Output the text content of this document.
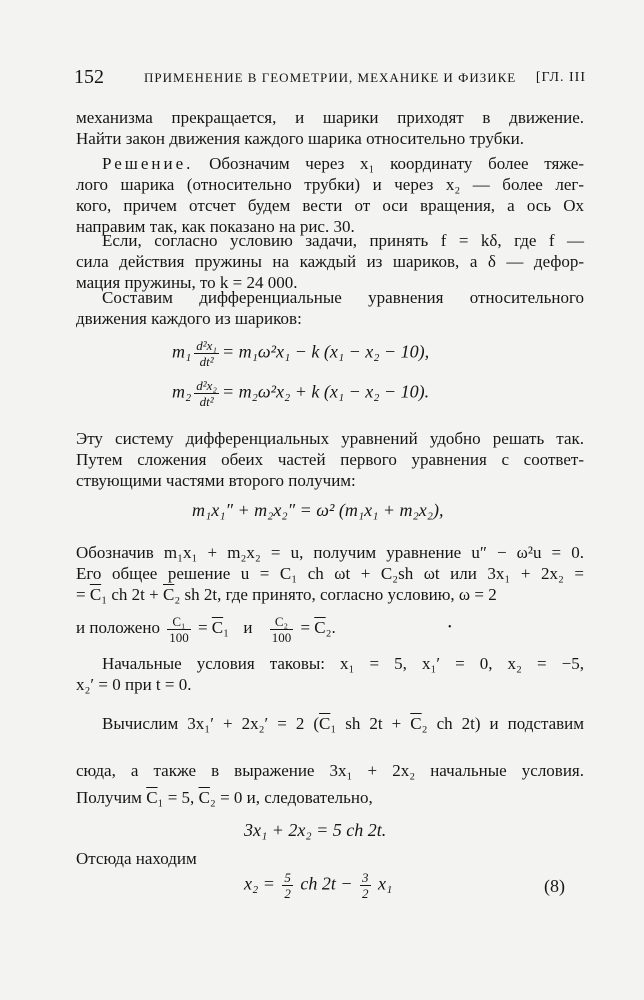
152	ПРИМЕНЕНИЕ В ГЕОМЕТРИИ, МЕХАНИКЕ И ФИЗИКЕ [ГЛ. III
механизма прекращается, и шарики приходят в движение.
Найти закон движения каждого шарика относительно трубки.
Решение. Обозначим через x₁ координату более тяже-
лого шарика (относительно трубки) и через x₂ — более лег-
кого, причем отсчет будем вести от оси вращения, а ось Ox
направим так, как показано на рис. 30.
Если, согласно условию задачи, принять f = kδ, где f —
сила действия пружины на каждый из шариков, а δ — дефор-
мация пружины, то k = 24 000.
Составим дифференциальные уравнения относительного
движения каждого из шариков:
$m_1 \frac{\text{d²x₁}}{\text{dt²}} = m_1\omega^2x_1 - k$ (x₁ − x₂ − 10),
$m_2 \frac{\text{d²x₂}}{\text{dt²}} = m_2\omega^2x_2 + k$ (x₁ − x₂ − 10).
Эту систему дифференциальных уравнений удобно решать так.
Путем сложения обеих частей первого уравнения с соответ-
ствующими частями второго получим:
m₁x₁″ + m₂x₂″ = ω² (m₁x₁ + m₂x₂),
Обозначив m₁x₁ + m₂x₂ = u, получим уравнение u″ − ω²u = 0.
Его общее решение u = C₁ ch ωt + C₂sh ωt или 3x₁ + 2x₂ =
= $\overline{C}_1$ ch $2t + \overline{C}_2$ sh 2t, где принято, согласно условию, ω = 2
и положено $\frac{\text{C₁}}{100} = \overline{C}_1$ и $\frac{\text{C₂}}{100} = \overline{C}_2$.	•
Начальные условия таковы: x₁ = 5, x₁′ = 0, x₂ = −5,
x₂′ = 0 при t = 0.
Вычислим 3x₁′ + 2x₂′ = 2 ($\overline{C}_1$ sh $2t + \overline{C}_2$ ch 2t) и подставим
сюда, а также в выражение 3x₁ + 2x₂ начальные условия.
Получим $\overline{C}_1 = 5$, $\overline{C}_2 = 0$ и, следовательно,
3x₁ + 2x₂ = 5 ch 2t.
Отсюда находим
$x_2 = \frac{5}{2}$ ch $2t - \frac{3}{2} x_1$	(8)
